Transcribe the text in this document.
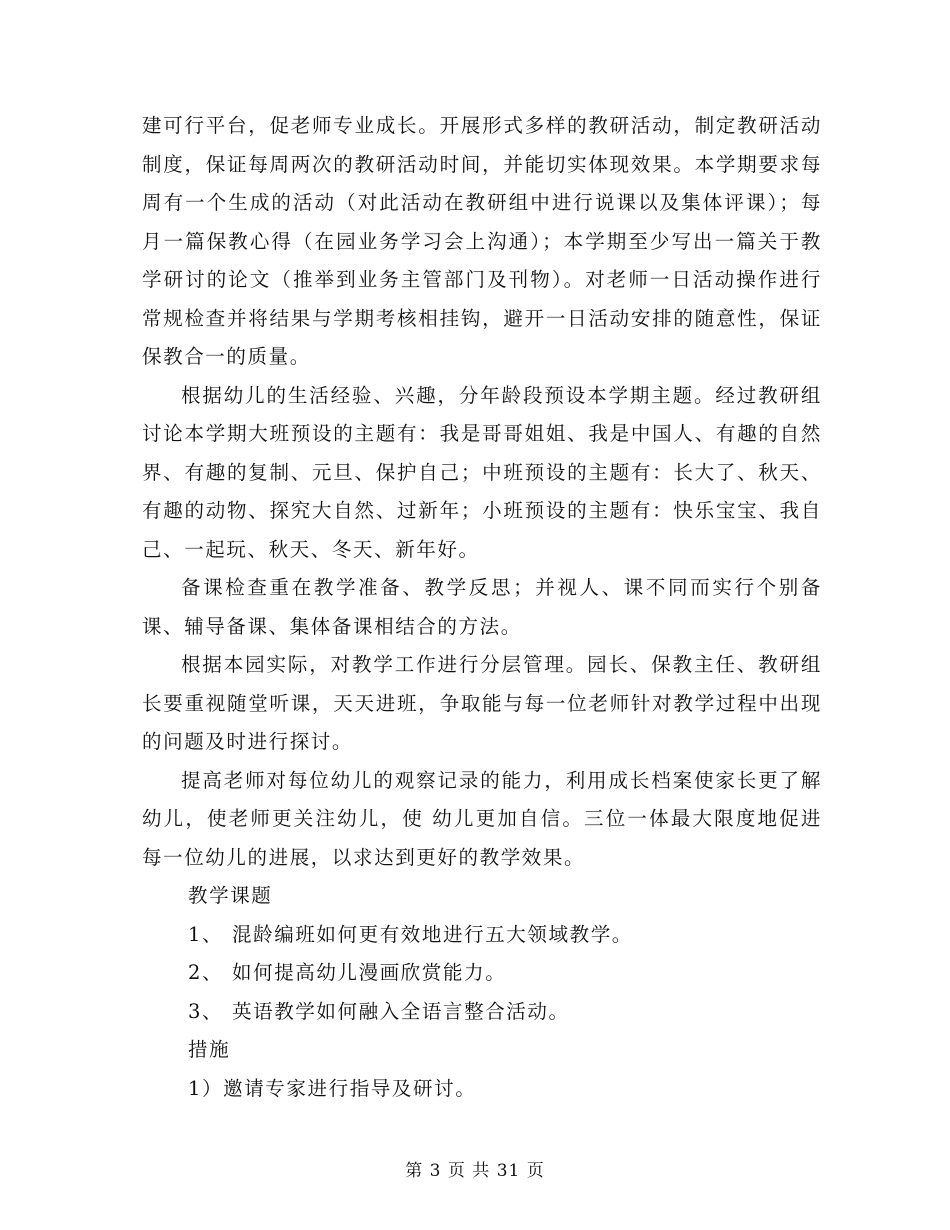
建可行平台，促老师专业成长。开展形式多样的教研活动，制定教研活动制度，保证每周两次的教研活动时间，并能切实体现效果。本学期要求每周有一个生成的活动（对此活动在教研组中进行说课以及集体评课）；每月一篇保教心得（在园业务学习会上沟通）；本学期至少写出一篇关于教学研讨的论文（推举到业务主管部门及刊物）。对老师一日活动操作进行常规检查并将结果与学期考核相挂钩，避开一日活动安排的随意性，保证保教合一的质量。

根据幼儿的生活经验、兴趣，分年龄段预设本学期主题。经过教研组讨论本学期大班预设的主题有：我是哥哥姐姐、我是中国人、有趣的自然界、有趣的复制、元旦、保护自己；中班预设的主题有：长大了、秋天、有趣的动物、探究大自然、过新年；小班预设的主题有：快乐宝宝、我自己、一起玩、秋天、冬天、新年好。

备课检查重在教学准备、教学反思；并视人、课不同而实行个别备课、辅导备课、集体备课相结合的方法。

根据本园实际，对教学工作进行分层管理。园长、保教主任、教研组长要重视随堂听课，天天进班，争取能与每一位老师针对教学过程中出现的问题及时进行探讨。

提高老师对每位幼儿的观察记录的能力，利用成长档案使家长更了解幼儿，使老师更关注幼儿，使 幼儿更加自信。三位一体最大限度地促进每一位幼儿的进展，以求达到更好的教学效果。

教学课题

1、 混龄编班如何更有效地进行五大领域教学。

2、 如何提高幼儿漫画欣赏能力。

3、 英语教学如何融入全语言整合活动。

措施

1）邀请专家进行指导及研讨。

第 3 页 共 31 页
